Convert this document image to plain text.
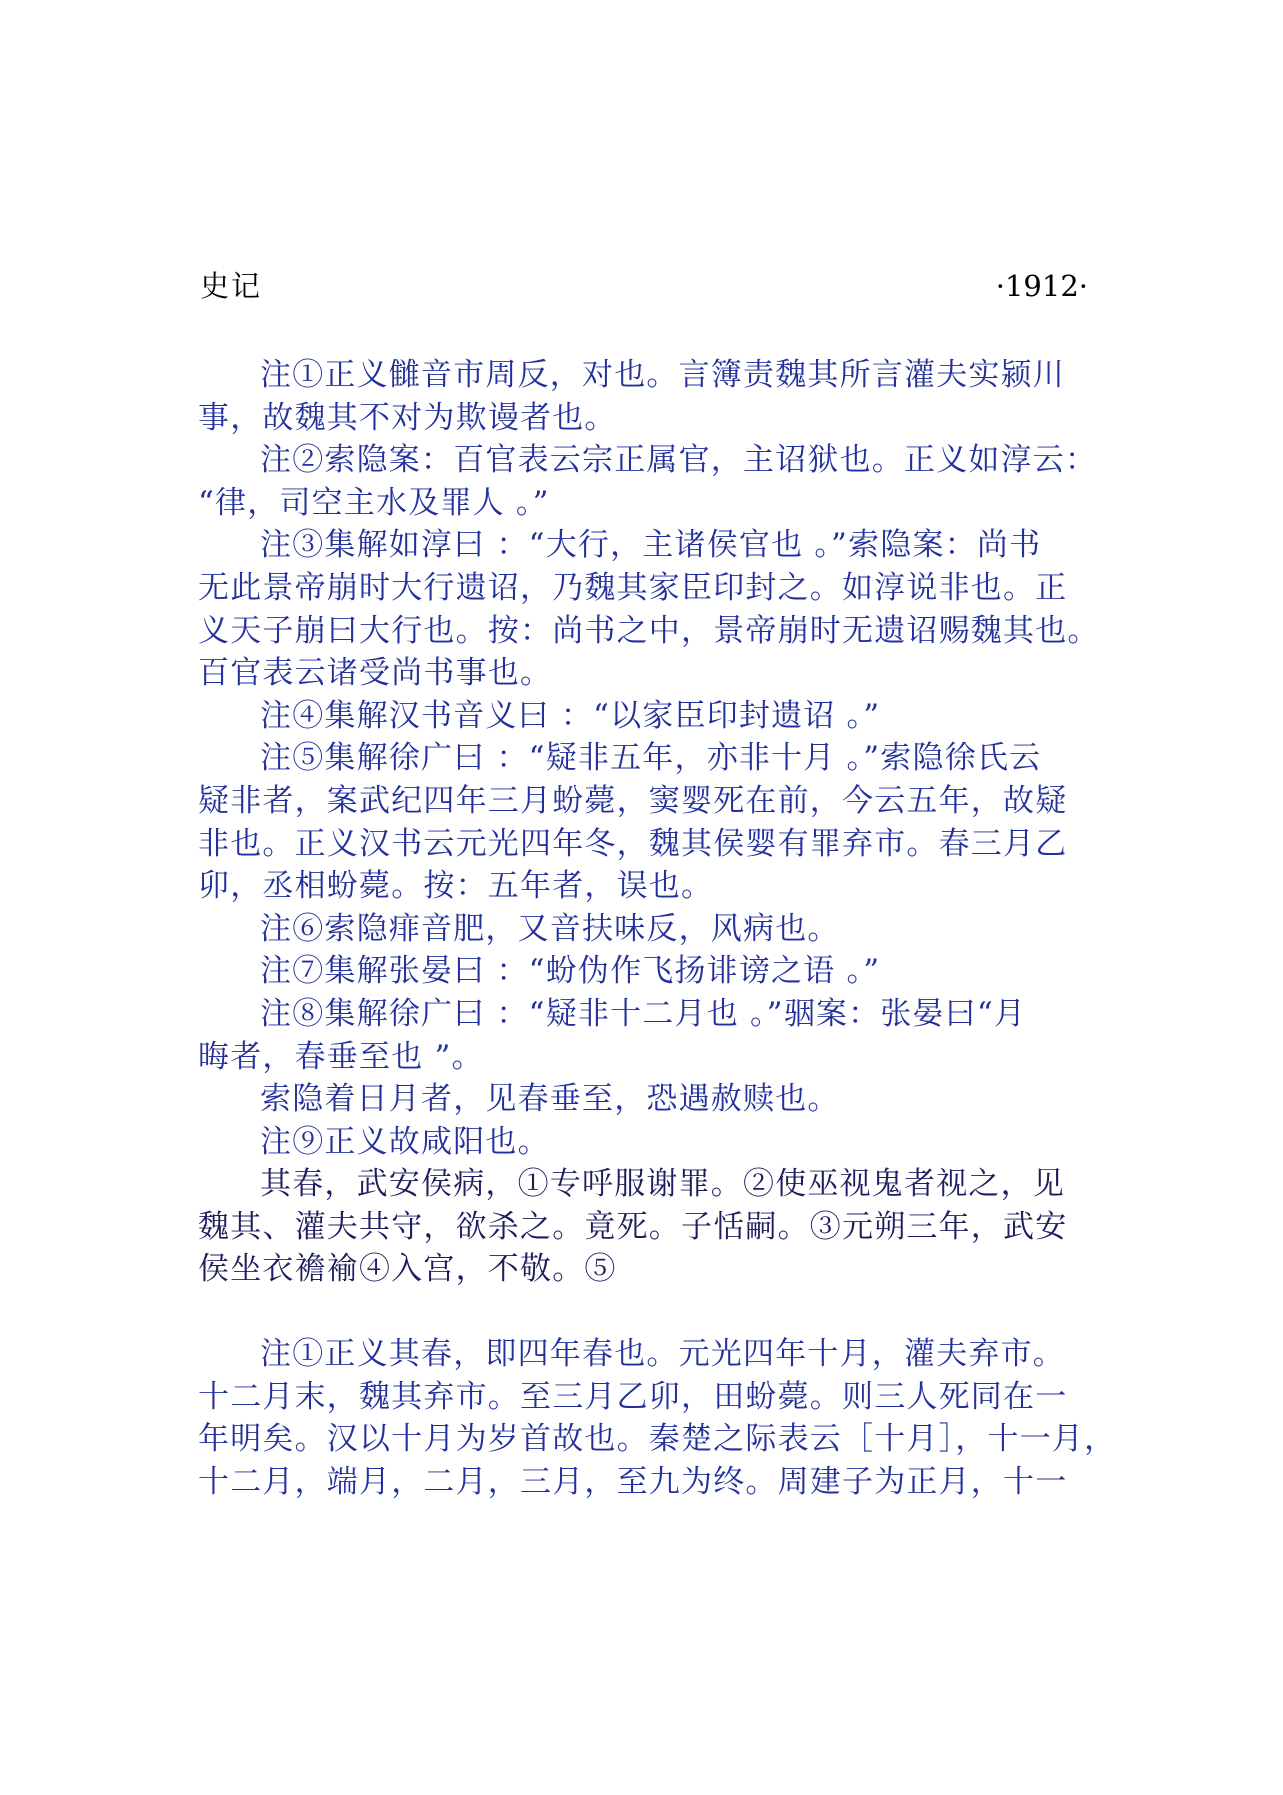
史记	·1912·

注①正义雠音市周反，对也。言簿责魏其所言灌夫实颍川
事，故魏其不对为欺谩者也。

注②索隐案：百官表云宗正属官，主诏狱也。正义如淳云：
“律，司空主水及罪人 。”

注③集解如淳曰 ：“大行，主诸侯官也 。”索隐案：尚书
无此景帝崩时大行遗诏，乃魏其家臣印封之。如淳说非也。正
义天子崩曰大行也。按：尚书之中，景帝崩时无遗诏赐魏其也。
百官表云诸受尚书事也。

注④集解汉书音义曰 ：“以家臣印封遗诏 。”

注⑤集解徐广曰 ：“疑非五年，亦非十月 。”索隐徐氏云
疑非者，案武纪四年三月蚡薨，窦婴死在前，今云五年，故疑
非也。正义汉书云元光四年冬，魏其侯婴有罪弃市。春三月乙
卯，丞相蚡薨。按：五年者，误也。

注⑥索隐痱音肥，又音扶味反，风病也。

注⑦集解张晏曰 ：“蚡伪作飞扬诽谤之语 。”

注⑧集解徐广曰 ：“疑非十二月也 。”骃案：张晏曰“月
晦者，春垂至也 ”。

索隐着日月者，见春垂至，恐遇赦赎也。

注⑨正义故咸阳也。

其春，武安侯病，①专呼服谢罪。②使巫视鬼者视之，见
魏其、灌夫共守，欲杀之。竟死。子恬嗣。③元朔三年，武安
侯坐衣襜褕④入宫，不敬。⑤

注①正义其春，即四年春也。元光四年十月，灌夫弃市。
十二月末，魏其弃市。至三月乙卯，田蚡薨。则三人死同在一
年明矣。汉以十月为岁首故也。秦楚之际表云［十月］，十一月，
十二月，端月，二月，三月，至九为终。周建子为正月，十一
